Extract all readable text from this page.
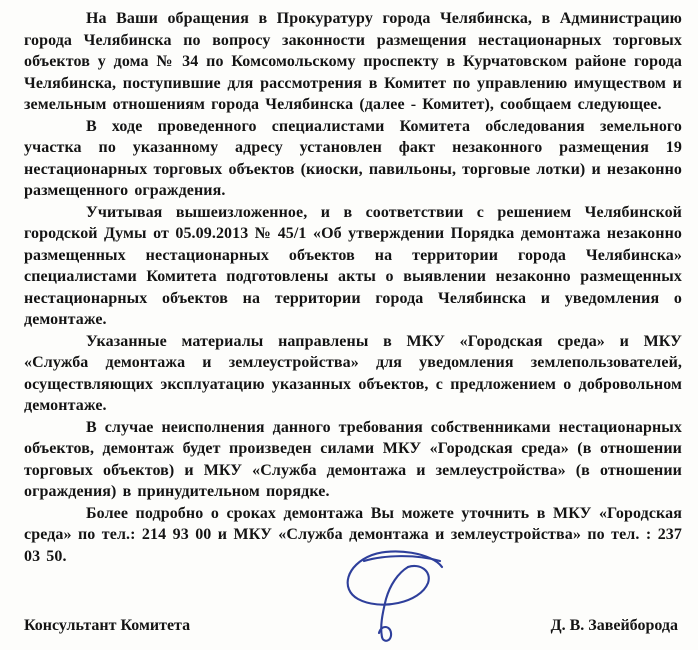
На Ваши обращения в Прокуратуру города Челябинска, в Администрацию города Челябинска по вопросу законности размещения нестационарных торговых объектов у дома № 34 по Комсомольскому проспекту в Курчатовском районе города Челябинска, поступившие для рассмотрения в Комитет по управлению имуществом и земельным отношениям города Челябинска (далее - Комитет), сообщаем следующее.

В ходе проведенного специалистами Комитета обследования земельного участка по указанному адресу установлен факт незаконного размещения 19 нестационарных торговых объектов (киоски, павильоны, торговые лотки) и незаконно размещенного ограждения.

Учитывая вышеизложенное, и в соответствии с решением Челябинской городской Думы от 05.09.2013 № 45/1 «Об утверждении Порядка демонтажа незаконно размещенных нестационарных объектов на территории города Челябинска» специалистами Комитета подготовлены акты о выявлении незаконно размещенных нестационарных объектов на территории города Челябинска и уведомления о демонтаже.

Указанные материалы направлены в МКУ «Городская среда» и МКУ «Служба демонтажа и землеустройства» для уведомления землепользователей, осуществляющих эксплуатацию указанных объектов, с предложением о добровольном демонтаже.

В случае неисполнения данного требования собственниками нестационарных объектов, демонтаж будет произведен силами МКУ «Городская среда» (в отношении торговых объектов) и МКУ «Служба демонтажа и землеустройства» (в отношении ограждения) в принудительном порядке.

Более подробно о сроках демонтажа Вы можете уточнить в МКУ «Городская среда» по тел.: 214 93 00 и МКУ «Служба демонтажа и землеустройства» по тел. : 237 03 50.

Консультант Комитета	Д. В. Завейборода
